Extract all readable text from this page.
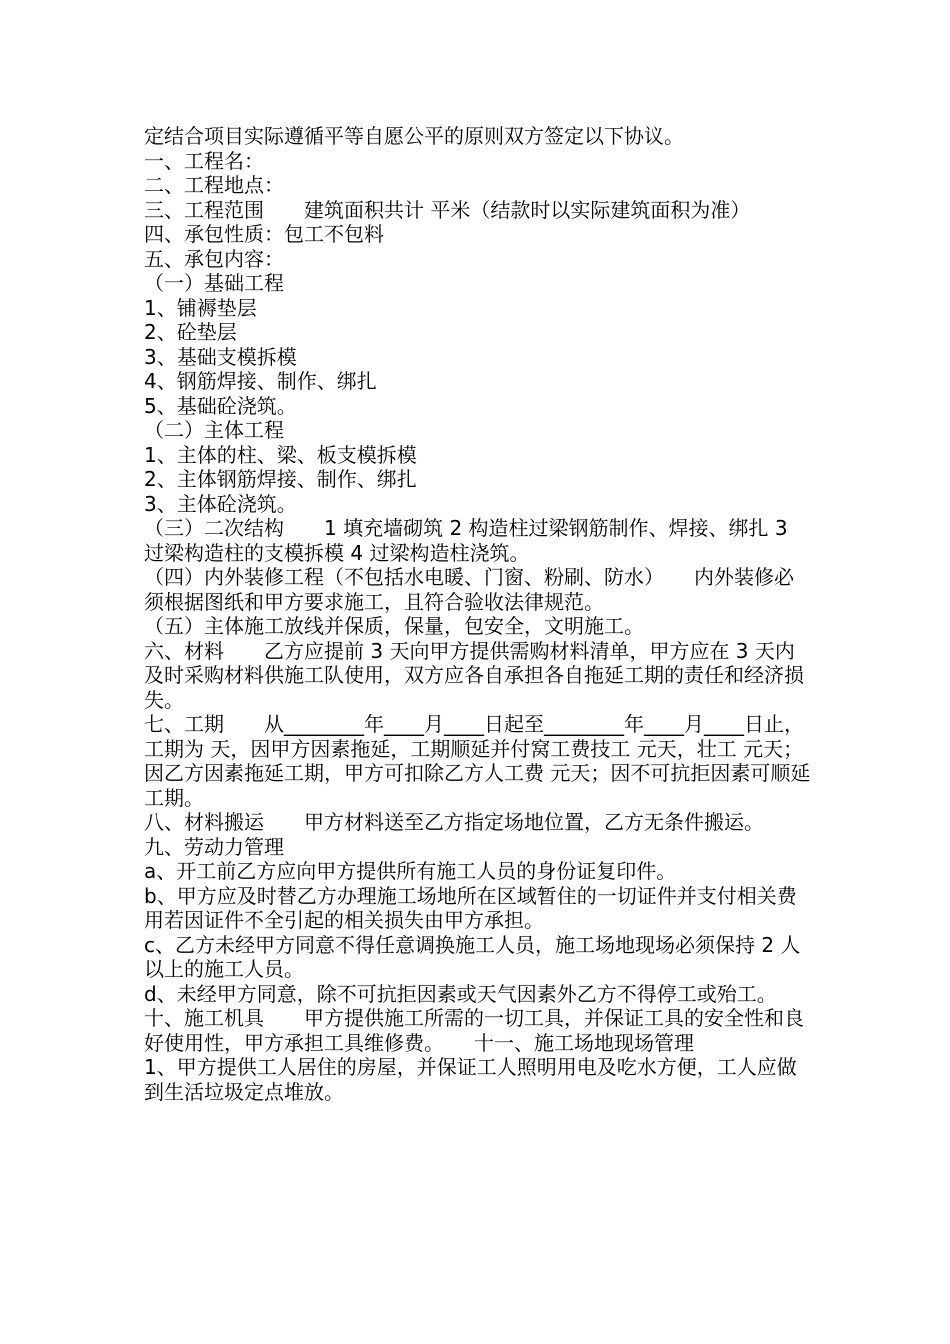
定结合项目实际遵循平等自愿公平的原则双方签定以下协议。
一、工程名：
二、工程地点：
三、工程范围　　建筑面积共计 平米（结款时以实际建筑面积为准）
四、承包性质：包工不包料
五、承包内容：
（一）基础工程
1、铺褥垫层
2、砼垫层
3、基础支模拆模
4、钢筋焊接、制作、绑扎
5、基础砼浇筑。
（二）主体工程
1、主体的柱、梁、板支模拆模
2、主体钢筋焊接、制作、绑扎
3、主体砼浇筑。
（三）二次结构　　1 填充墙砌筑 2 构造柱过梁钢筋制作、焊接、绑扎 3 过梁构造柱的支模拆模 4 过梁构造柱浇筑。
（四）内外装修工程（不包括水电暖、门窗、粉刷、防水）　　内外装修必须根据图纸和甲方要求施工，且符合验收法律规范。
（五）主体施工放线并保质，保量，包安全，文明施工。
六、材料　　乙方应提前 3 天向甲方提供需购材料清单，甲方应在 3 天内及时采购材料供施工队使用，双方应各自承担各自拖延工期的责任和经济损失。
七、工期　　从________年____月____日起至________年____月____日止，工期为 天，因甲方因素拖延，工期顺延并付窝工费技工 元天，壮工 元天；因乙方因素拖延工期，甲方可扣除乙方人工费 元天；因不可抗拒因素可顺延工期。
八、材料搬运　　甲方材料送至乙方指定场地位置，乙方无条件搬运。
九、劳动力管理
a、开工前乙方应向甲方提供所有施工人员的身份证复印件。
b、甲方应及时替乙方办理施工场地所在区域暂住的一切证件并支付相关费用若因证件不全引起的相关损失由甲方承担。
c、乙方未经甲方同意不得任意调换施工人员，施工场地现场必须保持 2 人以上的施工人员。
d、未经甲方同意，除不可抗拒因素或天气因素外乙方不得停工或殆工。
十、施工机具　　甲方提供施工所需的一切工具，并保证工具的安全性和良好使用性，甲方承担工具维修费。　　十一、施工场地现场管理
1、甲方提供工人居住的房屋，并保证工人照明用电及吃水方便，工人应做到生活垃圾定点堆放。
